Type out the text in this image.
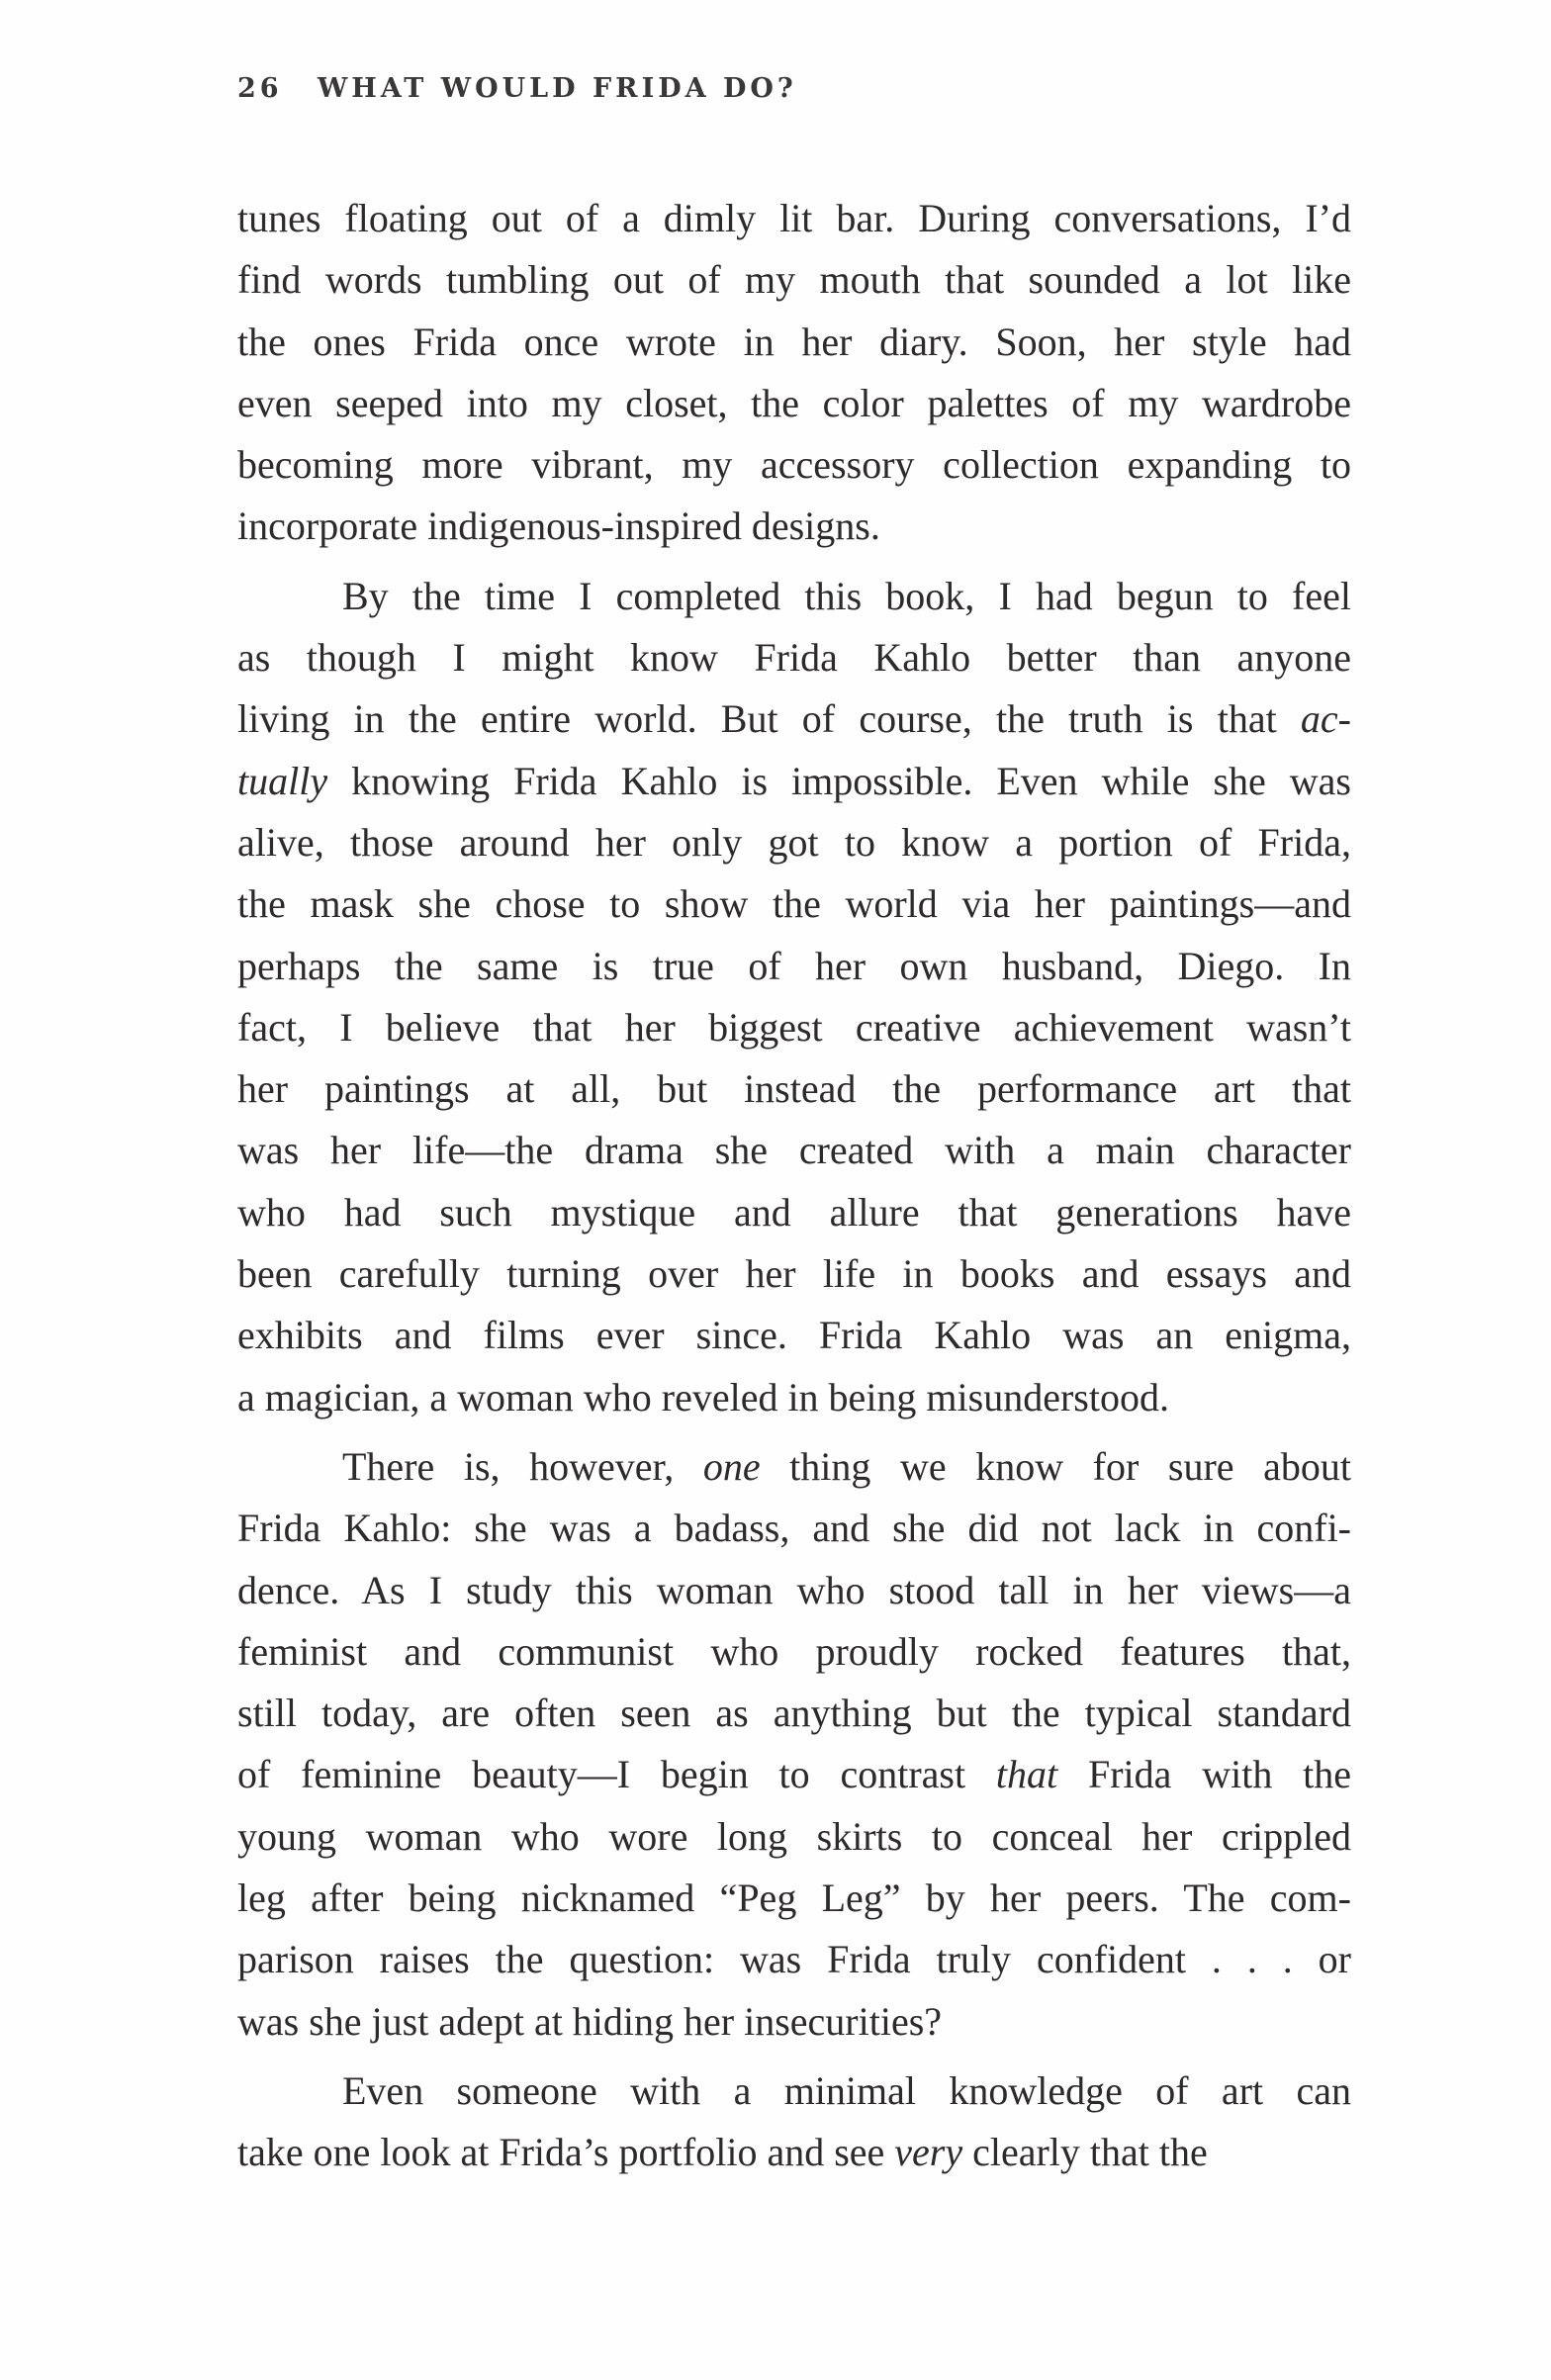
26 WHAT WOULD FRIDA DO?
tunes floating out of a dimly lit bar. During conversations, I’d
find words tumbling out of my mouth that sounded a lot like
the ones Frida once wrote in her diary. Soon, her style had
even seeped into my closet, the color palettes of my wardrobe
becoming more vibrant, my accessory collection expanding to
incorporate indigenous-inspired designs.
By the time I completed this book, I had begun to feel
as though I might know Frida Kahlo better than anyone
living in the entire world. But of course, the truth is that ac-
tually knowing Frida Kahlo is impossible. Even while she was
alive, those around her only got to know a portion of Frida,
the mask she chose to show the world via her paintings—and
perhaps the same is true of her own husband, Diego. In
fact, I believe that her biggest creative achievement wasn’t
her paintings at all, but instead the performance art that
was her life—the drama she created with a main character
who had such mystique and allure that generations have
been carefully turning over her life in books and essays and
exhibits and films ever since. Frida Kahlo was an enigma,
a magician, a woman who reveled in being misunderstood.
There is, however, one thing we know for sure about
Frida Kahlo: she was a badass, and she did not lack in confi-
dence. As I study this woman who stood tall in her views—a
feminist and communist who proudly rocked features that,
still today, are often seen as anything but the typical standard
of feminine beauty—I begin to contrast that Frida with the
young woman who wore long skirts to conceal her crippled
leg after being nicknamed “Peg Leg” by her peers. The com-
parison raises the question: was Frida truly confident . . . or
was she just adept at hiding her insecurities?
Even someone with a minimal knowledge of art can
take one look at Frida’s portfolio and see very clearly that the
